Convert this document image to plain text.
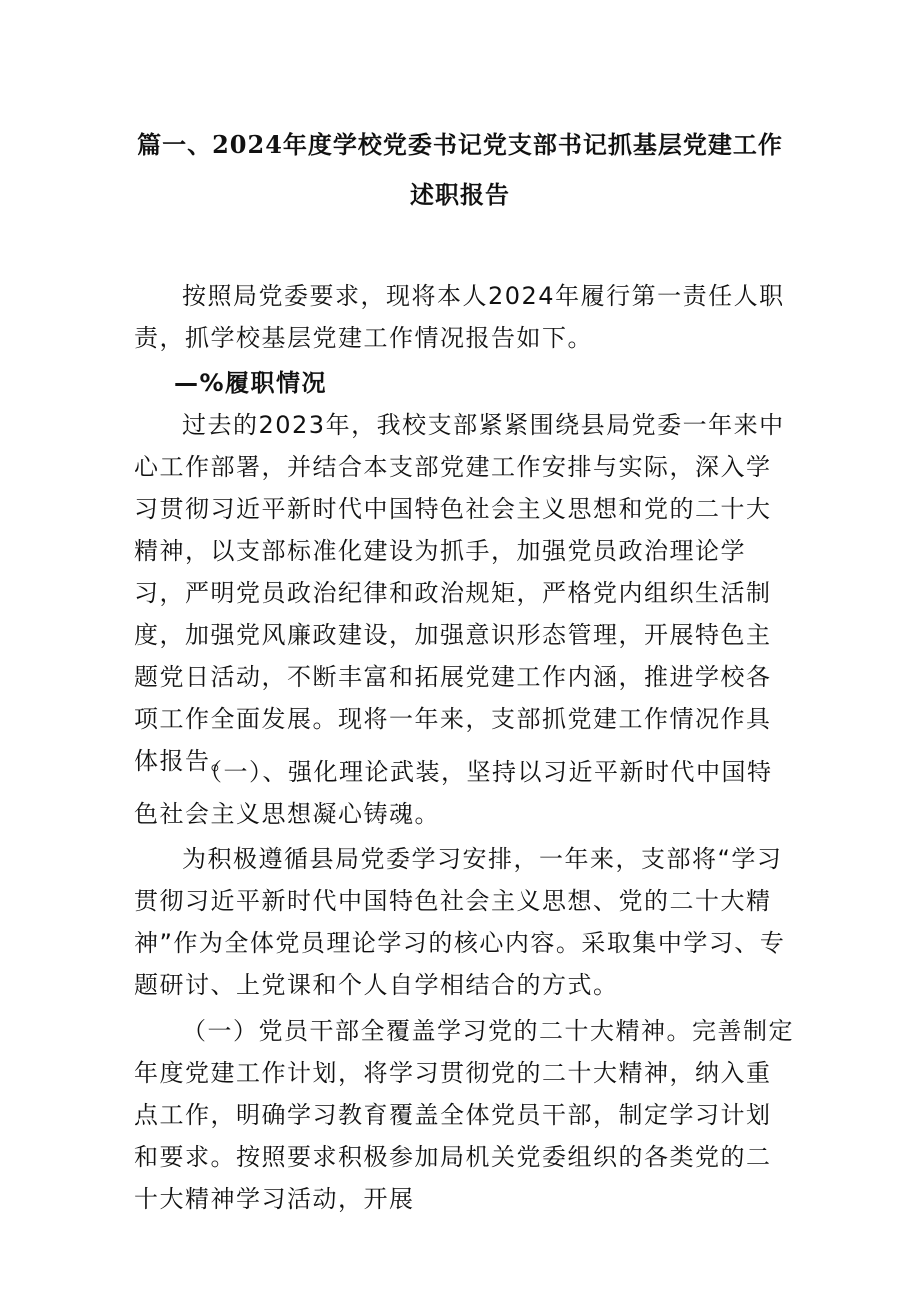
篇一、2024年度学校党委书记党支部书记抓基层党建工作述职报告

按照局党委要求，现将本人2024年履行第一责任人职责，抓学校基层党建工作情况报告如下。

—%履职情况

过去的2023年，我校支部紧紧围绕县局党委一年来中心工作部署，并结合本支部党建工作安排与实际，深入学习贯彻习近平新时代中国特色社会主义思想和党的二十大精神，以支部标准化建设为抓手，加强党员政治理论学习，严明党员政治纪律和政治规矩，严格党内组织生活制度，加强党风廉政建设，加强意识形态管理，开展特色主题党日活动，不断丰富和拓展党建工作内涵，推进学校各项工作全面发展。现将一年来，支部抓党建工作情况作具体报告。

（一）、强化理论武装，坚持以习近平新时代中国特色社会主义思想凝心铸魂。

为积极遵循县局党委学习安排，一年来，支部将“学习贯彻习近平新时代中国特色社会主义思想、党的二十大精神”作为全体党员理论学习的核心内容。采取集中学习、专题研讨、上党课和个人自学相结合的方式。

（一）党员干部全覆盖学习党的二十大精神。完善制定年度党建工作计划，将学习贯彻党的二十大精神，纳入重点工作，明确学习教育覆盖全体党员干部，制定学习计划和要求。按照要求积极参加局机关党委组织的各类党的二十大精神学习活动，开展
